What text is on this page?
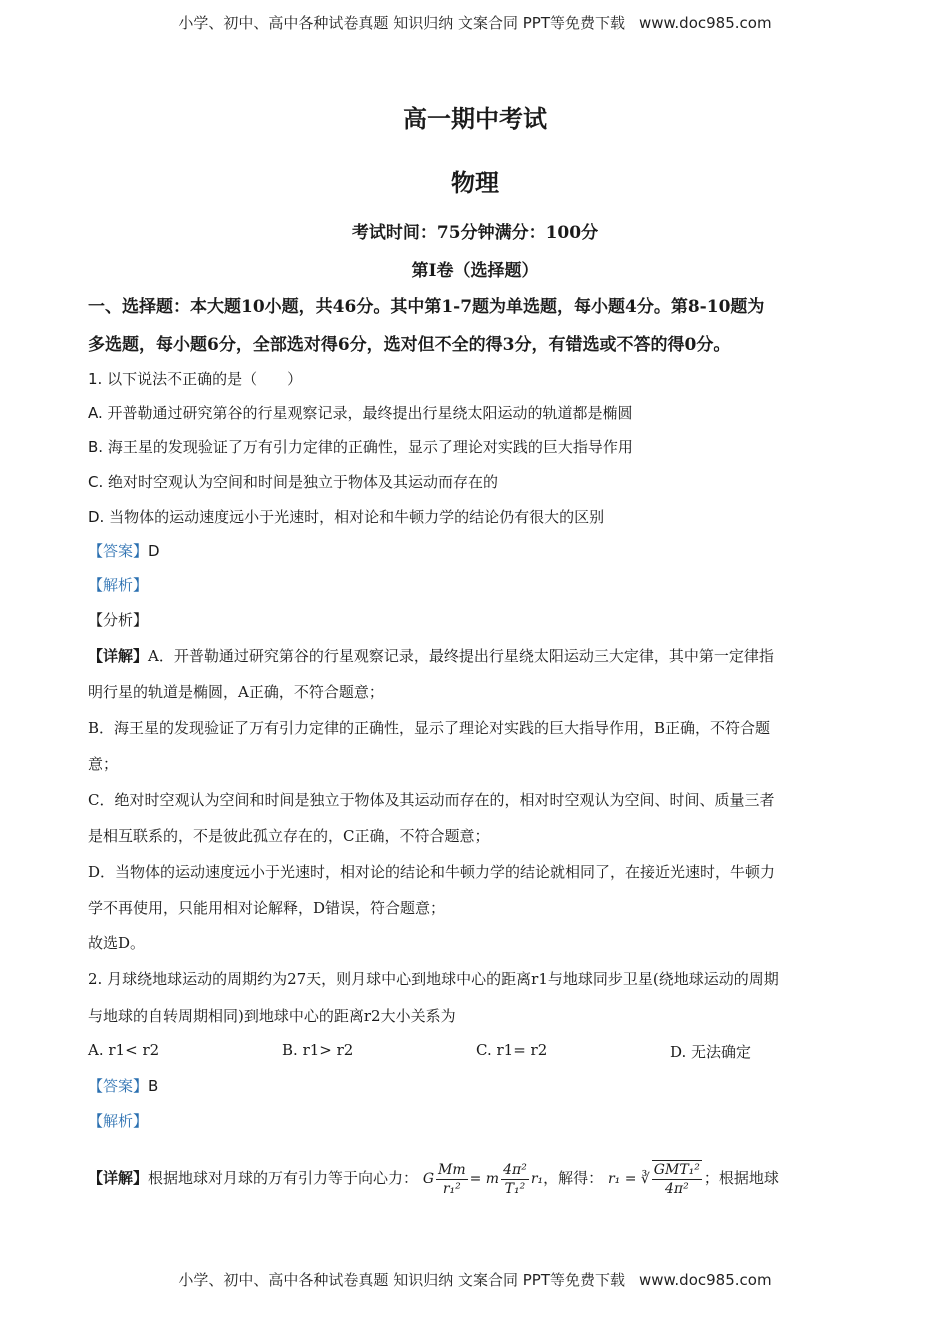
小学、初中、高中各种试卷真题 知识归纳 文案合同 PPT等免费下载 www.doc985.com
高一期中考试
物理
考试时间：75分钟满分：100分
第I卷（选择题）
一、选择题：本大题10小题，共46分。其中第1-7题为单选题，每小题4分。第8-10题为
多选题，每小题6分，全部选对得6分，选对但不全的得3分，有错选或不答的得0分。
1. 以下说法不正确的是（　　）
A. 开普勒通过研究第谷的行星观察记录，最终提出行星绕太阳运动的轨道都是椭圆
B. 海王星的发现验证了万有引力定律的正确性，显示了理论对实践的巨大指导作用
C. 绝对时空观认为空间和时间是独立于物体及其运动而存在的
D. 当物体的运动速度远小于光速时，相对论和牛顿力学的结论仍有很大的区别
【答案】D
【解析】
【分析】
【详解】A．开普勒通过研究第谷的行星观察记录，最终提出行星绕太阳运动三大定律，其中第一定律指
明行星的轨道是椭圆，A正确，不符合题意；
B．海王星的发现验证了万有引力定律的正确性，显示了理论对实践的巨大指导作用，B正确，不符合题
意；
C．绝对时空观认为空间和时间是独立于物体及其运动而存在的，相对时空观认为空间、时间、质量三者
是相互联系的，不是彼此孤立存在的，C正确，不符合题意；
D．当物体的运动速度远小于光速时，相对论的结论和牛顿力学的结论就相同了，在接近光速时，牛顿力
学不再使用，只能用相对论解释，D错误，符合题意；
故选D。
2. 月球绕地球运动的周期约为27天，则月球中心到地球中心的距离r1与地球同步卫星(绕地球运动的周期
与地球的自转周期相同)到地球中心的距离r2大小关系为
A. r1< r2	B. r1> r2	C. r1= r2	D. 无法确定
【答案】B
【解析】
【详解】根据地球对月球的万有引力等于向心力： G $\frac{Mm}{\text{r₁²}} = m \frac{\text{4π²}}{\text{T₁²}} r_1$，解得： r₁ = ∛ $\frac{\text{GMT₁²}}{\text{4π²}}$ ；根据地球
小学、初中、高中各种试卷真题 知识归纳 文案合同 PPT等免费下载 www.doc985.com
